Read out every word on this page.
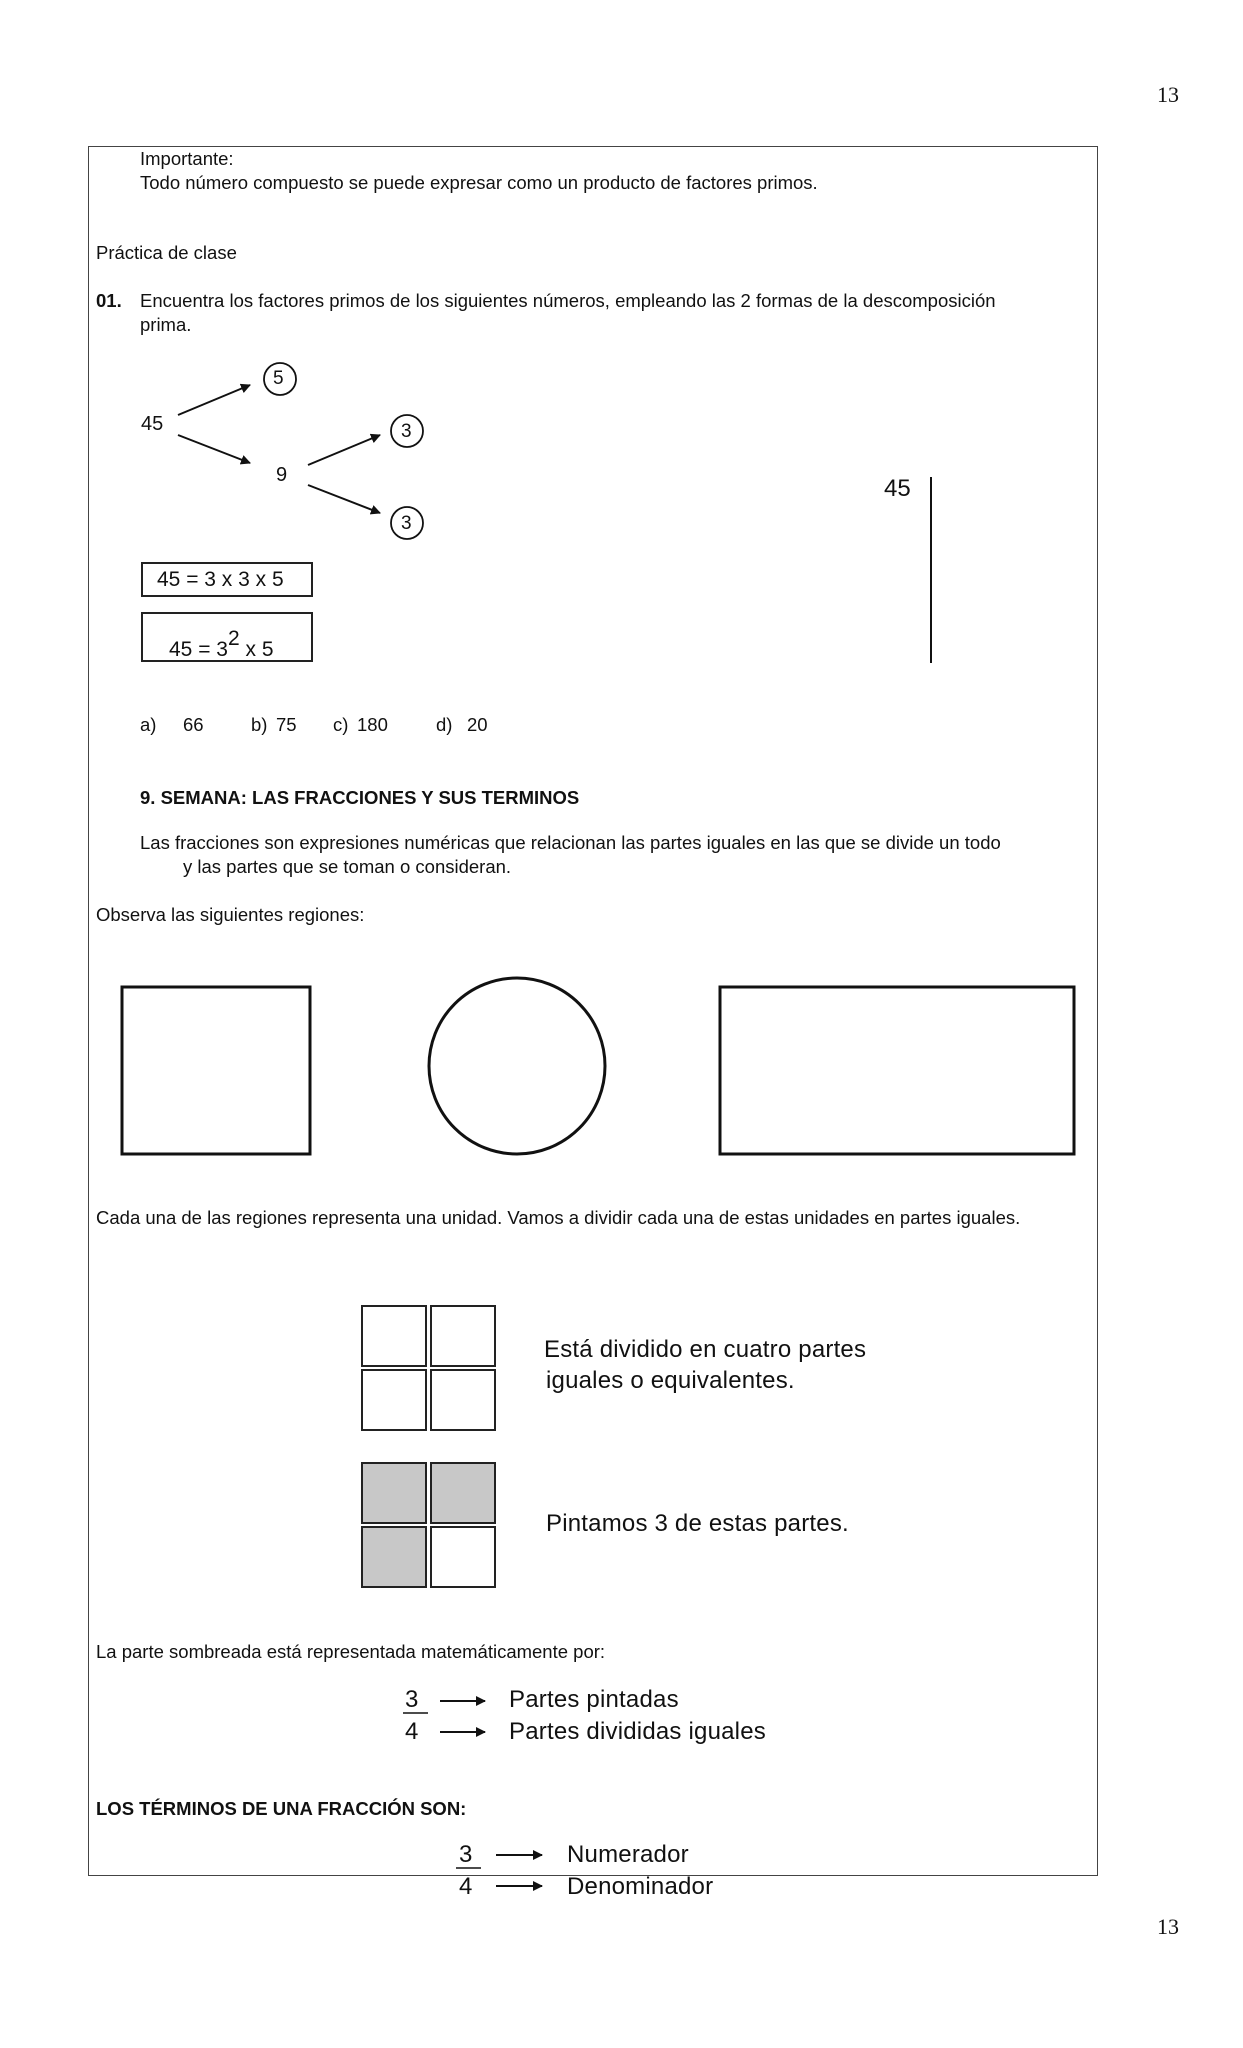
13
13
Importante:
Todo número compuesto se puede expresar como un producto de factores primos.
Práctica de clase
01. Encuentra los factores primos de los siguientes números, empleando las 2 formas de la descomposición
prima.
45
5
9
3
3
45 = 3 x 3 x 5
$45 = 3^2$ x 5
45
a) 66	b) 75 c) 180	d) 20
9. SEMANA: LAS FRACCIONES Y SUS TERMINOS
Las fracciones son expresiones numéricas que relacionan las partes iguales en las que se divide un todo
y las partes que se toman o consideran.
Observa las siguientes regiones:
Cada una de las regiones representa una unidad. Vamos a dividir cada una de estas unidades en partes iguales.
Está dividido en cuatro partes
iguales o equivalentes.
Pintamos 3 de estas partes.
La parte sombreada está representada matemáticamente por:
3
4
Partes pintadas
Partes divididas iguales
LOS TÉRMINOS DE UNA FRACCIÓN SON:
3
4
Numerador
Denominador
